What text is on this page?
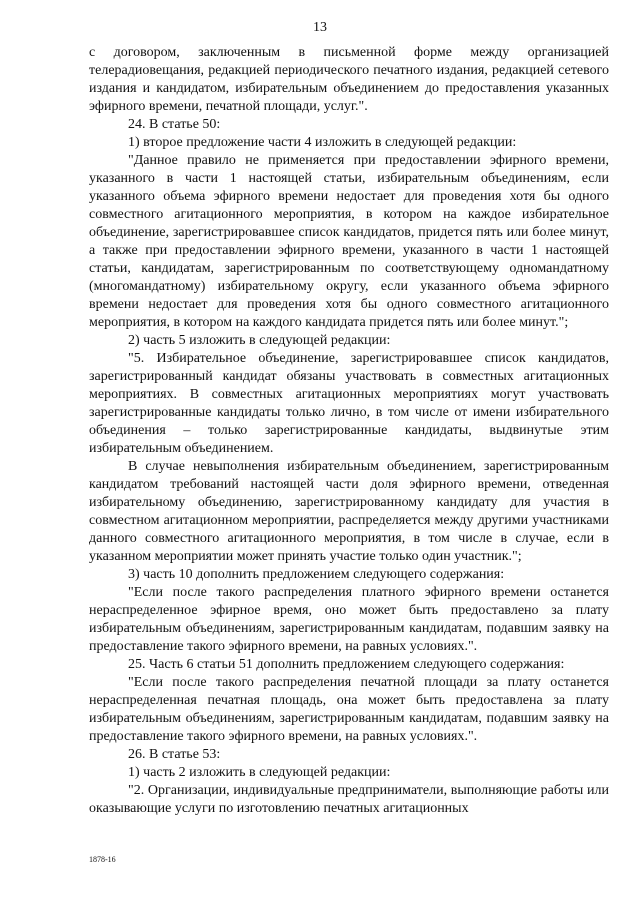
13

с договором, заключенным в письменной форме между организацией телерадиовещания, редакцией периодического печатного издания, редакцией сетевого издания и кандидатом, избирательным объединением до предоставления указанных эфирного времени, печатной площади, услуг.".

24. В статье 50:

1) второе предложение части 4 изложить в следующей редакции:

"Данное правило не применяется при предоставлении эфирного времени, указанного в части 1 настоящей статьи, избирательным объединениям, если указанного объема эфирного времени недостает для проведения хотя бы одного совместного агитационного мероприятия, в котором на каждое избирательное объединение, зарегистрировавшее список кандидатов, придется пять или более минут, а также при предоставлении эфирного времени, указанного в части 1 настоящей статьи, кандидатам, зарегистрированным по соответствующему одномандатному (многомандатному) избирательному округу, если указанного объема эфирного времени недостает для проведения хотя бы одного совместного агитационного мероприятия, в котором на каждого кандидата придется пять или более минут.";

2) часть 5 изложить в следующей редакции:

"5. Избирательное объединение, зарегистрировавшее список кандидатов, зарегистрированный кандидат обязаны участвовать в совместных агитационных мероприятиях. В совместных агитационных мероприятиях могут участвовать зарегистрированные кандидаты только лично, в том числе от имени избирательного объединения – только зарегистрированные кандидаты, выдвинутые этим избирательным объединением.

В случае невыполнения избирательным объединением, зарегистрированным кандидатом требований настоящей части доля эфирного времени, отведенная избирательному объединению, зарегистрированному кандидату для участия в совместном агитационном мероприятии, распределяется между другими участниками данного совместного агитационного мероприятия, в том числе в случае, если в указанном мероприятии может принять участие только один участник.";

3) часть 10 дополнить предложением следующего содержания:

"Если после такого распределения платного эфирного времени останется нераспределенное эфирное время, оно может быть предоставлено за плату избирательным объединениям, зарегистрированным кандидатам, подавшим заявку на предоставление такого эфирного времени, на равных условиях.".

25. Часть 6 статьи 51 дополнить предложением следующего содержания:

"Если после такого распределения печатной площади за плату останется нераспределенная печатная площадь, она может быть предоставлена за плату избирательным объединениям, зарегистрированным кандидатам, подавшим заявку на предоставление такого эфирного времени, на равных условиях.".

26. В статье 53:

1) часть 2 изложить в следующей редакции:

"2. Организации, индивидуальные предприниматели, выполняющие работы или оказывающие услуги по изготовлению печатных агитационных

1878-16
